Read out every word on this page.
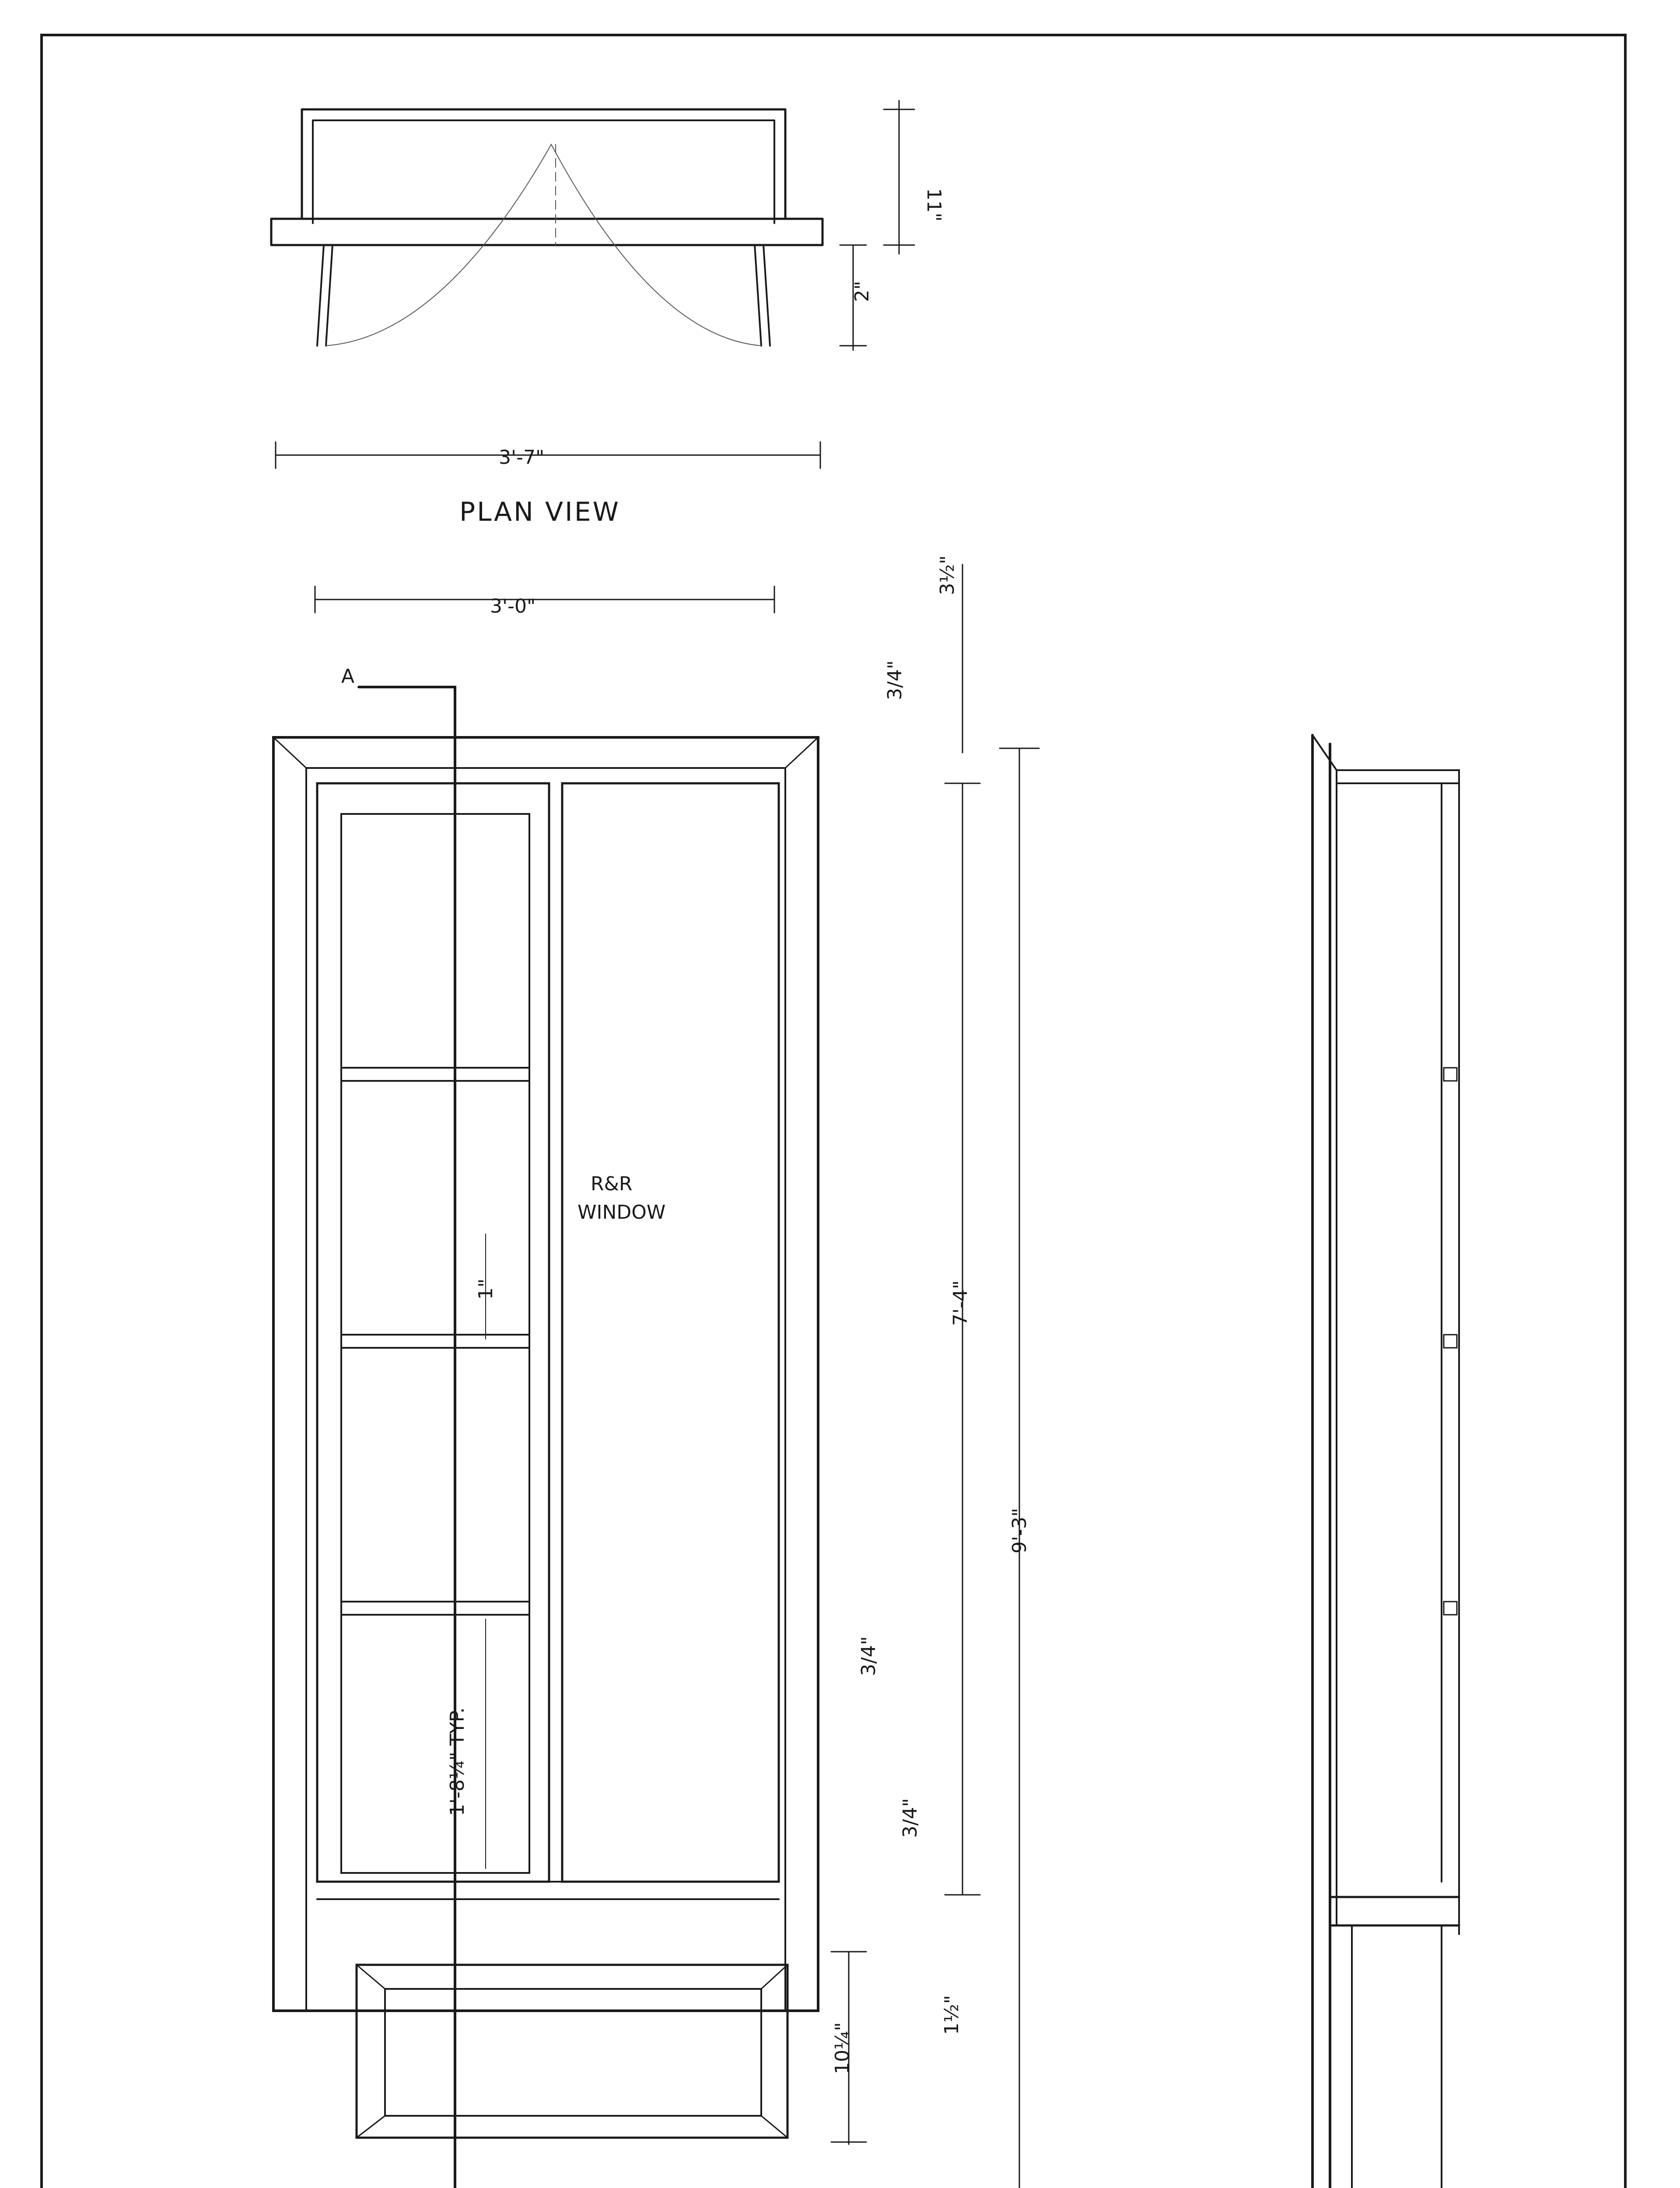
3'-7"
11"
2"
PLAN VIEW
3'-0"
3½"
3/4"
7'-4"
9'-3"
1"
1'-8¼" TYP.
3/4"
3/4"
1½"
10¼"
A
R&R
WINDOW
